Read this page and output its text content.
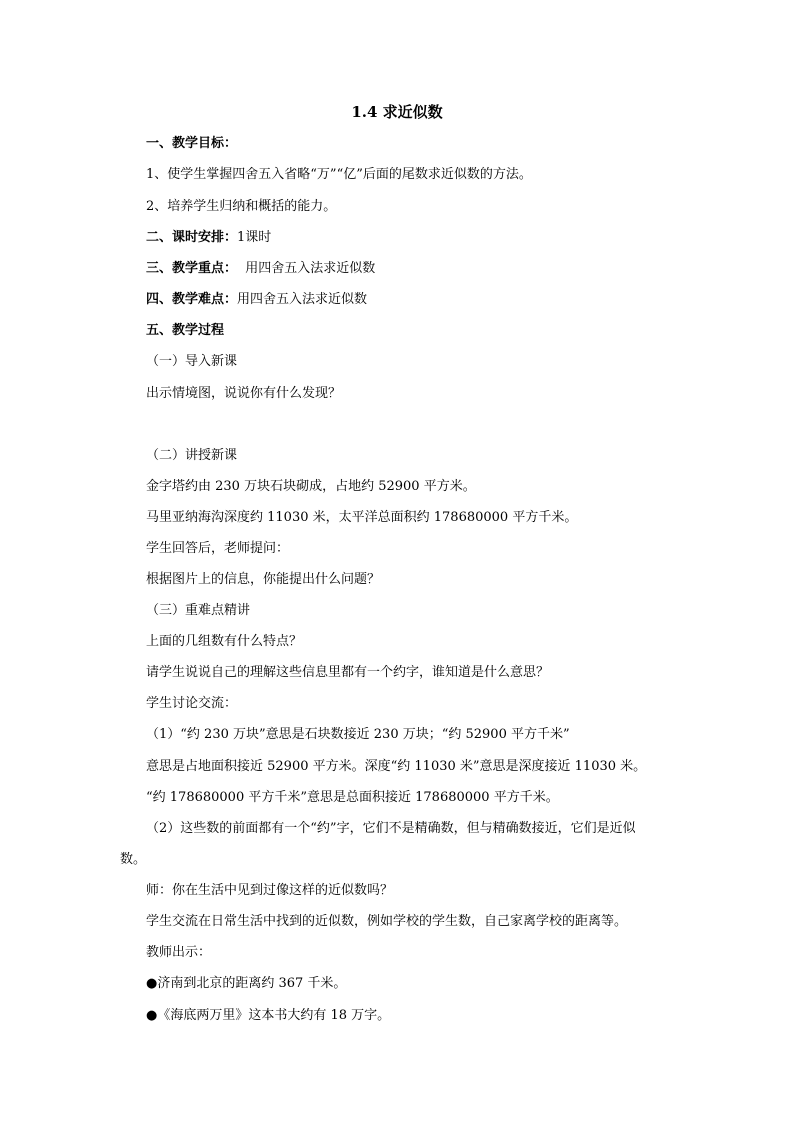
1.4 求近似数
一、教学目标：
1、使学生掌握四舍五入省略“万”“亿”后面的尾数求近似数的方法。
2、培养学生归纳和概括的能力。
二、课时安排：1课时
三、教学重点：  用四舍五入法求近似数
四、教学难点：用四舍五入法求近似数
五、教学过程
（一）导入新课
出示情境图，说说你有什么发现？
（二）讲授新课
金字塔约由 230 万块石块砌成，占地约 52900 平方米。
马里亚纳海沟深度约 11030 米，太平洋总面积约 178680000 平方千米。
学生回答后，老师提问：
根据图片上的信息，你能提出什么问题？
（三）重难点精讲
上面的几组数有什么特点？
请学生说说自己的理解这些信息里都有一个约字，谁知道是什么意思？
学生讨论交流：
（1）“约 230 万块”意思是石块数接近 230 万块；“约 52900 平方千米”
意思是占地面积接近 52900 平方米。深度“约 11030 米”意思是深度接近 11030 米。
“约 178680000 平方千米”意思是总面积接近 178680000 平方千米。
（2）这些数的前面都有一个“约”字，它们不是精确数，但与精确数接近，它们是近似
数。
师：你在生活中见到过像这样的近似数吗？
学生交流在日常生活中找到的近似数，例如学校的学生数，自己家离学校的距离等。
教师出示：
●济南到北京的距离约 367 千米。
●《海底两万里》这本书大约有 18 万字。
